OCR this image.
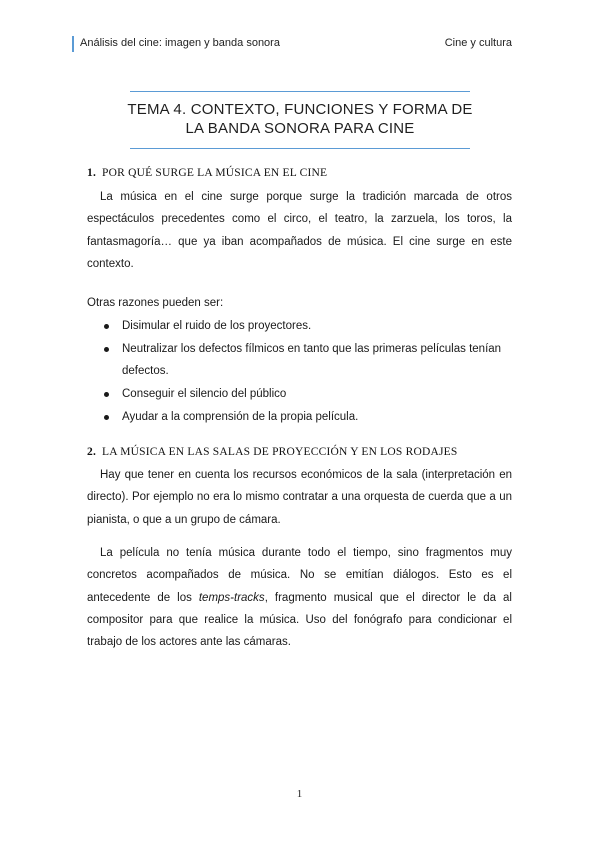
Análisis del cine: imagen y banda sonora	Cine y cultura
TEMA 4. CONTEXTO, FUNCIONES Y FORMA DE
LA BANDA SONORA PARA CINE
1. POR QUÉ SURGE LA MÚSICA EN EL CINE
La música en el cine surge porque surge la tradición marcada de otros espectáculos precedentes como el circo, el teatro, la zarzuela, los toros, la fantasmagoría… que ya iban acompañados de música. El cine surge en este contexto.
Otras razones pueden ser:
Disimular el ruido de los proyectores.
Neutralizar los defectos fílmicos en tanto que las primeras películas tenían defectos.
Conseguir el silencio del público
Ayudar a la comprensión de la propia película.
2. LA MÚSICA EN LAS SALAS DE PROYECCIÓN Y EN LOS RODAJES
Hay que tener en cuenta los recursos económicos de la sala (interpretación en directo). Por ejemplo no era lo mismo contratar a una orquesta de cuerda que a un pianista, o que a un grupo de cámara.
La película no tenía música durante todo el tiempo, sino fragmentos muy concretos acompañados de música. No se emitían diálogos. Esto es el antecedente de los temps-tracks, fragmento musical que el director le da al compositor para que realice la música. Uso del fonógrafo para condicionar el trabajo de los actores ante las cámaras.
1
